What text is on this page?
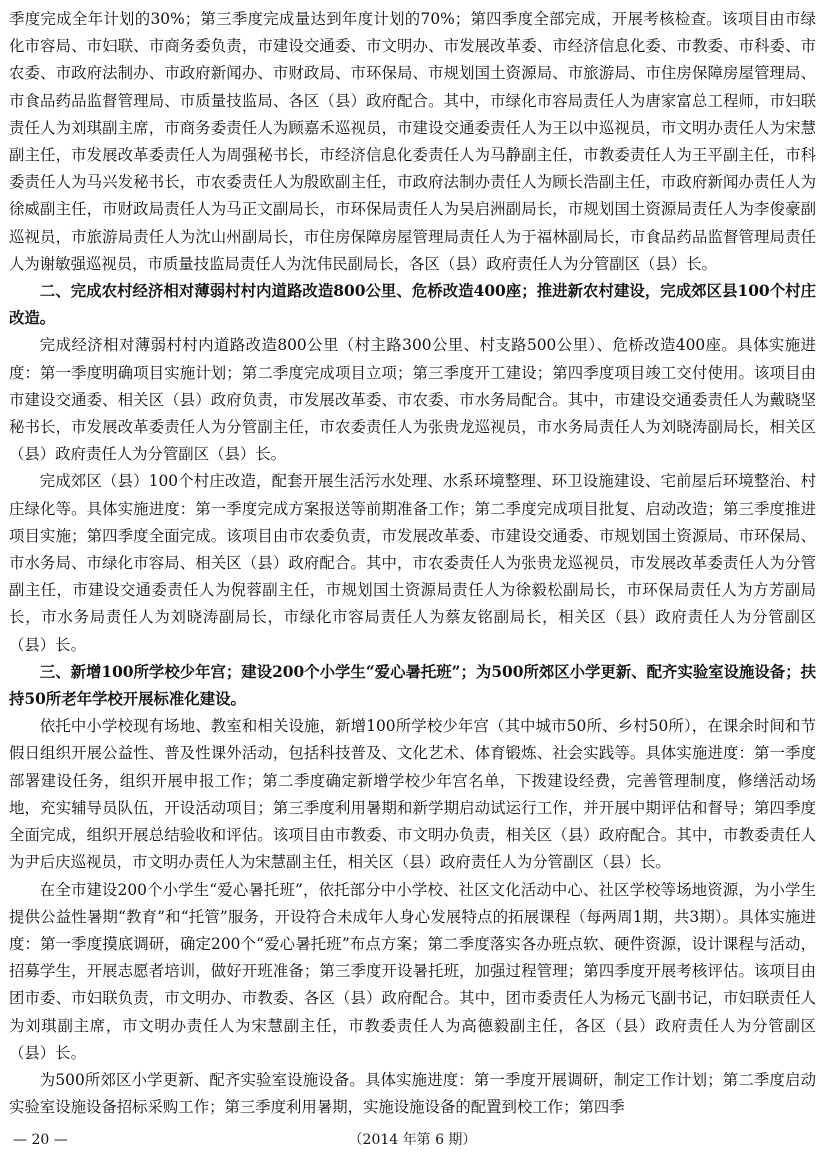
季度完成全年计划的30%；第三季度完成量达到年度计划的70%；第四季度全部完成，开展考核检查。该项目由市绿化市容局、市妇联、市商务委负责，市建设交通委、市文明办、市发展改革委、市经济信息化委、市教委、市科委、市农委、市政府法制办、市政府新闻办、市财政局、市环保局、市规划国土资源局、市旅游局、市住房保障房屋管理局、市食品药品监督管理局、市质量技监局、各区（县）政府配合。其中，市绿化市容局责任人为唐家富总工程师，市妇联责任人为刘琪副主席，市商务委责任人为顾嘉禾巡视员，市建设交通委责任人为王以中巡视员，市文明办责任人为宋慧副主任，市发展改革委责任人为周强秘书长，市经济信息化委责任人为马静副主任，市教委责任人为王平副主任，市科委责任人为马兴发秘书长，市农委责任人为殷欧副主任，市政府法制办责任人为顾长浩副主任，市政府新闻办责任人为徐威副主任，市财政局责任人为马正文副局长，市环保局责任人为吴启洲副局长，市规划国土资源局责任人为李俊豪副巡视员，市旅游局责任人为沈山州副局长，市住房保障房屋管理局责任人为于福林副局长，市食品药品监督管理局责任人为谢敏强巡视员，市质量技监局责任人为沈伟民副局长，各区（县）政府责任人为分管副区（县）长。

二、完成农村经济相对薄弱村村内道路改造800公里、危桥改造400座；推进新农村建设，完成郊区县100个村庄改造。

完成经济相对薄弱村村内道路改造800公里（村主路300公里、村支路500公里）、危桥改造400座。具体实施进度：第一季度明确项目实施计划；第二季度完成项目立项；第三季度开工建设；第四季度项目竣工交付使用。该项目由市建设交通委、相关区（县）政府负责，市发展改革委、市农委、市水务局配合。其中，市建设交通委责任人为戴晓坚秘书长，市发展改革委责任人为分管副主任，市农委责任人为张贵龙巡视员，市水务局责任人为刘晓涛副局长，相关区（县）政府责任人为分管副区（县）长。

完成郊区（县）100个村庄改造，配套开展生活污水处理、水系环境整理、环卫设施建设、宅前屋后环境整治、村庄绿化等。具体实施进度：第一季度完成方案报送等前期准备工作；第二季度完成项目批复、启动改造；第三季度推进项目实施；第四季度全面完成。该项目由市农委负责，市发展改革委、市建设交通委、市规划国土资源局、市环保局、市水务局、市绿化市容局、相关区（县）政府配合。其中，市农委责任人为张贵龙巡视员，市发展改革委责任人为分管副主任，市建设交通委责任人为倪蓉副主任，市规划国土资源局责任人为徐毅松副局长，市环保局责任人为方芳副局长，市水务局责任人为刘晓涛副局长，市绿化市容局责任人为蔡友铭副局长，相关区（县）政府责任人为分管副区（县）长。

三、新增100所学校少年宫；建设200个小学生“爱心暑托班”；为500所郊区小学更新、配齐实验室设施设备；扶持50所老年学校开展标准化建设。

依托中小学校现有场地、教室和相关设施，新增100所学校少年宫（其中城市50所、乡村50所），在课余时间和节假日组织开展公益性、普及性课外活动，包括科技普及、文化艺术、体育锻炼、社会实践等。具体实施进度：第一季度部署建设任务，组织开展申报工作；第二季度确定新增学校少年宫名单，下拨建设经费，完善管理制度，修缮活动场地，充实辅导员队伍，开设活动项目；第三季度利用暑期和新学期启动试运行工作，并开展中期评估和督导；第四季度全面完成，组织开展总结验收和评估。该项目由市教委、市文明办负责，相关区（县）政府配合。其中，市教委责任人为尹后庆巡视员，市文明办责任人为宋慧副主任，相关区（县）政府责任人为分管副区（县）长。

在全市建设200个小学生“爱心暑托班”，依托部分中小学校、社区文化活动中心、社区学校等场地资源，为小学生提供公益性暑期“教育”和“托管”服务，开设符合未成年人身心发展特点的拓展课程（每两周1期，共3期）。具体实施进度：第一季度摸底调研，确定200个“爱心暑托班”布点方案；第二季度落实各办班点软、硬件资源，设计课程与活动，招募学生，开展志愿者培训，做好开班准备；第三季度开设暑托班，加强过程管理；第四季度开展考核评估。该项目由团市委、市妇联负责，市文明办、市教委、各区（县）政府配合。其中，团市委责任人为杨元飞副书记，市妇联责任人为刘琪副主席，市文明办责任人为宋慧副主任，市教委责任人为高德毅副主任，各区（县）政府责任人为分管副区（县）长。

为500所郊区小学更新、配齐实验室设施设备。具体实施进度：第一季度开展调研，制定工作计划；第二季度启动实验室设施设备招标采购工作；第三季度利用暑期，实施设施设备的配置到校工作；第四季

— 20 —	（2014 年第 6 期）
